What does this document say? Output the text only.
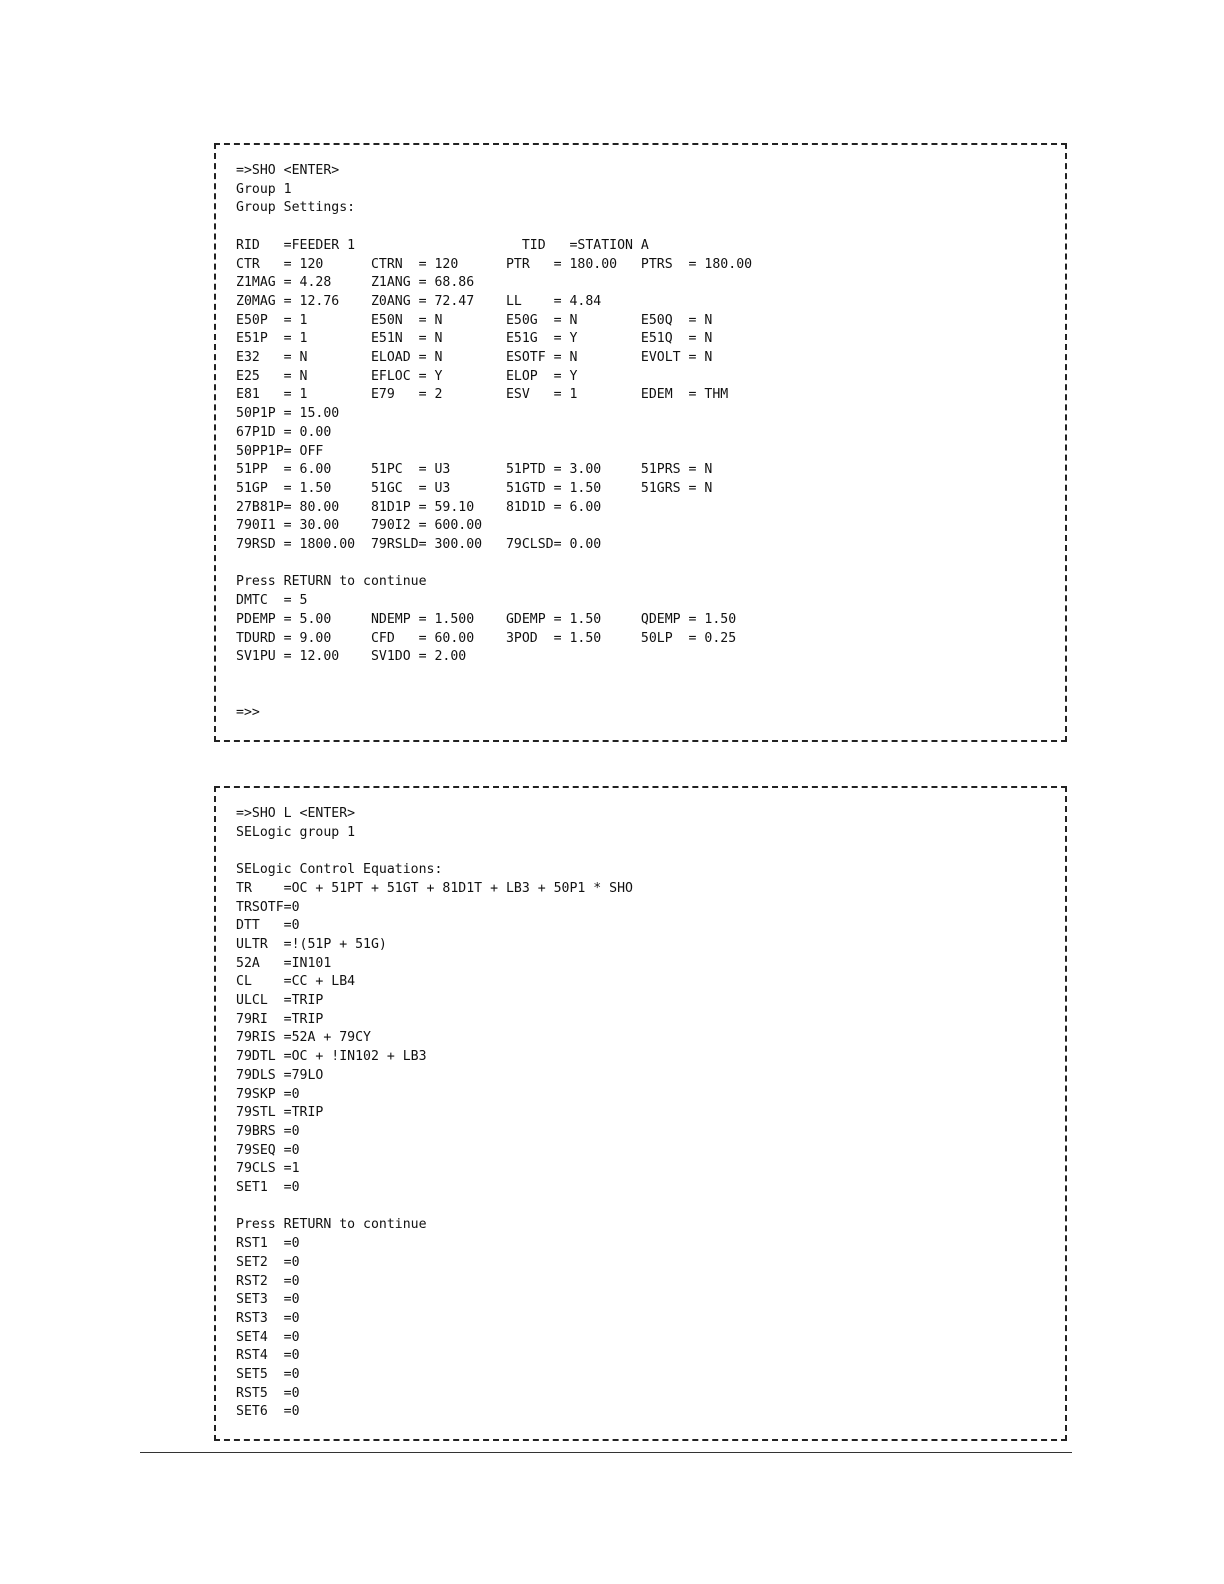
=>SHO <ENTER>
Group 1
Group Settings:
RID   =FEEDER 1                     TID   =STATION A
CTR   = 120      CTRN  = 120      PTR   = 180.00   PTRS  = 180.00
Z1MAG = 4.28     Z1ANG = 68.86
Z0MAG = 12.76    Z0ANG = 72.47    LL    = 4.84
E50P  = 1        E50N  = N        E50G  = N        E50Q  = N
E51P  = 1        E51N  = N        E51G  = Y        E51Q  = N
E32   = N        ELOAD = N        ESOTF = N        EVOLT = N
E25   = N        EFLOC = Y        ELOP  = Y
E81   = 1        E79   = 2        ESV   = 1        EDEM  = THM
50P1P = 15.00
67P1D = 0.00
50PP1P= OFF
51PP  = 6.00     51PC  = U3       51PTD = 3.00     51PRS = N
51GP  = 1.50     51GC  = U3       51GTD = 1.50     51GRS = N
27B81P= 80.00    81D1P = 59.10    81D1D = 6.00
790I1 = 30.00    790I2 = 600.00
79RSD = 1800.00  79RSLD= 300.00   79CLSD= 0.00
Press RETURN to continue
DMTC  = 5
PDEMP = 5.00     NDEMP = 1.500    GDEMP = 1.50     QDEMP = 1.50
TDURD = 9.00     CFD   = 60.00    3POD  = 1.50     50LP  = 0.25
SV1PU = 12.00    SV1DO = 2.00
=>>
=>SHO L <ENTER>
SELogic group 1
SELogic Control Equations:
TR    =OC + 51PT + 51GT + 81D1T + LB3 + 50P1 * SHO
TRSOTF=0
DTT   =0
ULTR  =!(51P + 51G)
52A   =IN101
CL    =CC + LB4
ULCL  =TRIP
79RI  =TRIP
79RIS =52A + 79CY
79DTL =OC + !IN102 + LB3
79DLS =79LO
79SKP =0
79STL =TRIP
79BRS =0
79SEQ =0
79CLS =1
SET1  =0
Press RETURN to continue
RST1  =0
SET2  =0
RST2  =0
SET3  =0
RST3  =0
SET4  =0
RST4  =0
SET5  =0
RST5  =0
SET6  =0
